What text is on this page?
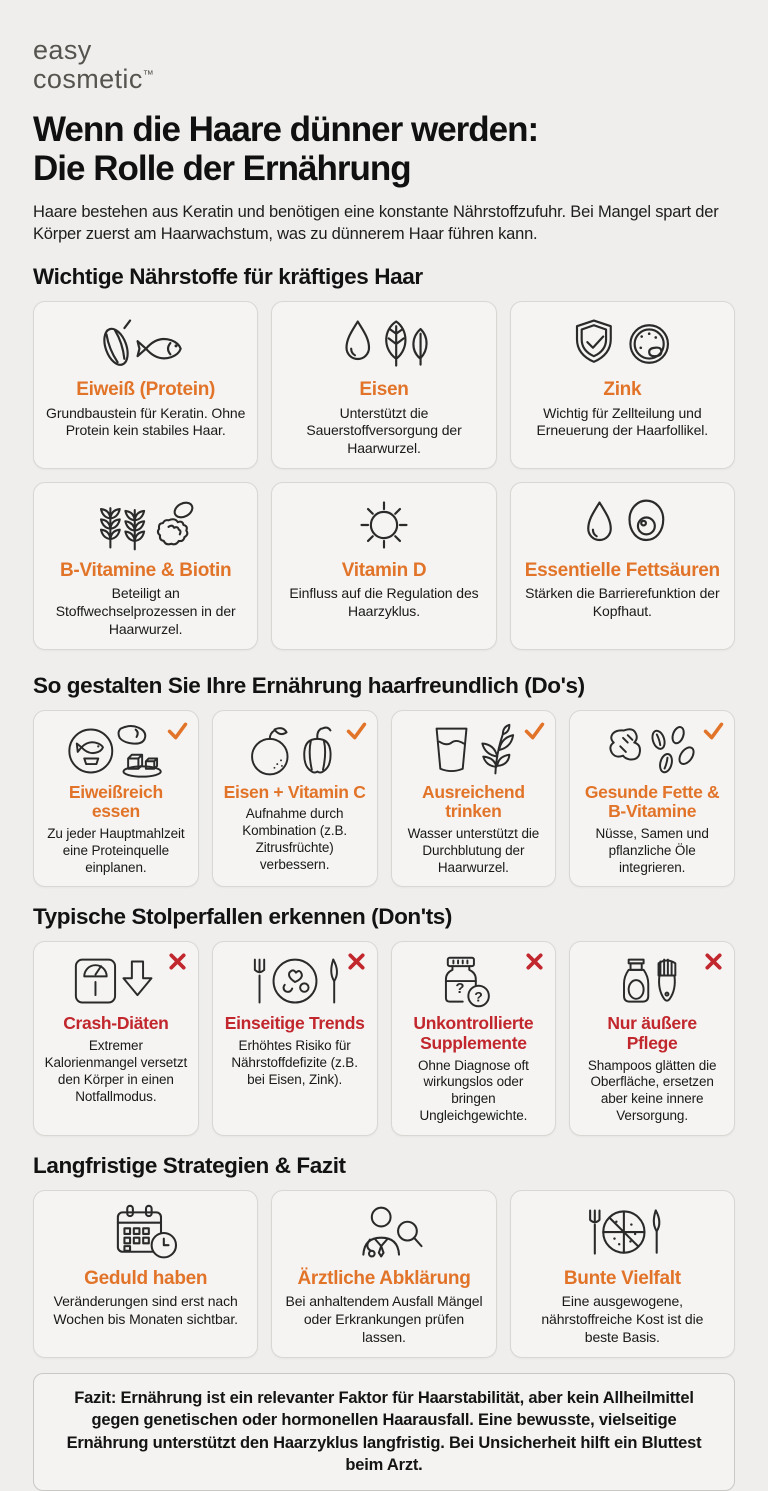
easy
cosmetic™
Wenn die Haare dünner werden:
Die Rolle der Ernährung

Haare bestehen aus Keratin und benötigen eine konstante Nährstoffzufuhr. Bei Mangel spart der Körper zuerst am Haarwachstum, was zu dünnerem Haar führen kann.

Wichtige Nährstoffe für kräftiges Haar
Eiweiß (Protein)
Grundbaustein für Keratin. Ohne Protein kein stabiles Haar.
Eisen
Unterstützt die Sauerstoffversorgung der Haarwurzel.
Zink
Wichtig für Zellteilung und Erneuerung der Haarfollikel.
B-Vitamine & Biotin
Beteiligt an Stoffwechselprozessen in der Haarwurzel.
Vitamin D
Einfluss auf die Regulation des Haarzyklus.
Essentielle Fettsäuren
Stärken die Barrierefunktion der Kopfhaut.
So gestalten Sie Ihre Ernährung haarfreundlich (Do's)
Eiweißreich essen
Zu jeder Hauptmahlzeit eine Proteinquelle einplanen.
Eisen + Vitamin C
Aufnahme durch Kombination (z.B. Zitrusfrüchte) verbessern.
Ausreichend trinken
Wasser unterstützt die Durchblutung der Haarwurzel.
Gesunde Fette & B-Vitamine
Nüsse, Samen und pflanzliche Öle integrieren.
Typische Stolperfallen erkennen (Don'ts)
Crash-Diäten
Extremer Kalorienmangel versetzt den Körper in einen Notfallmodus.
Einseitige Trends
Erhöhtes Risiko für Nährstoffdefizite (z.B. bei Eisen, Zink).
? ?
Unkontrollierte Supplemente
Ohne Diagnose oft wirkungslos oder bringen Ungleichgewichte.
Nur äußere Pflege
Shampoos glätten die Oberfläche, ersetzen aber keine innere Versorgung.
Langfristige Strategien & Fazit
Geduld haben
Veränderungen sind erst nach Wochen bis Monaten sichtbar.
Ärztliche Abklärung
Bei anhaltendem Ausfall Mängel oder Erkrankungen prüfen lassen.
Bunte Vielfalt
Eine ausgewogene, nährstoffreiche Kost ist die beste Basis.

Fazit: Ernährung ist ein relevanter Faktor für Haarstabilität, aber kein Allheilmittel gegen genetischen oder hormonellen Haarausfall. Eine bewusste, vielseitige Ernährung unterstützt den Haarzyklus langfristig. Bei Unsicherheit hilft ein Bluttest beim Arzt.
